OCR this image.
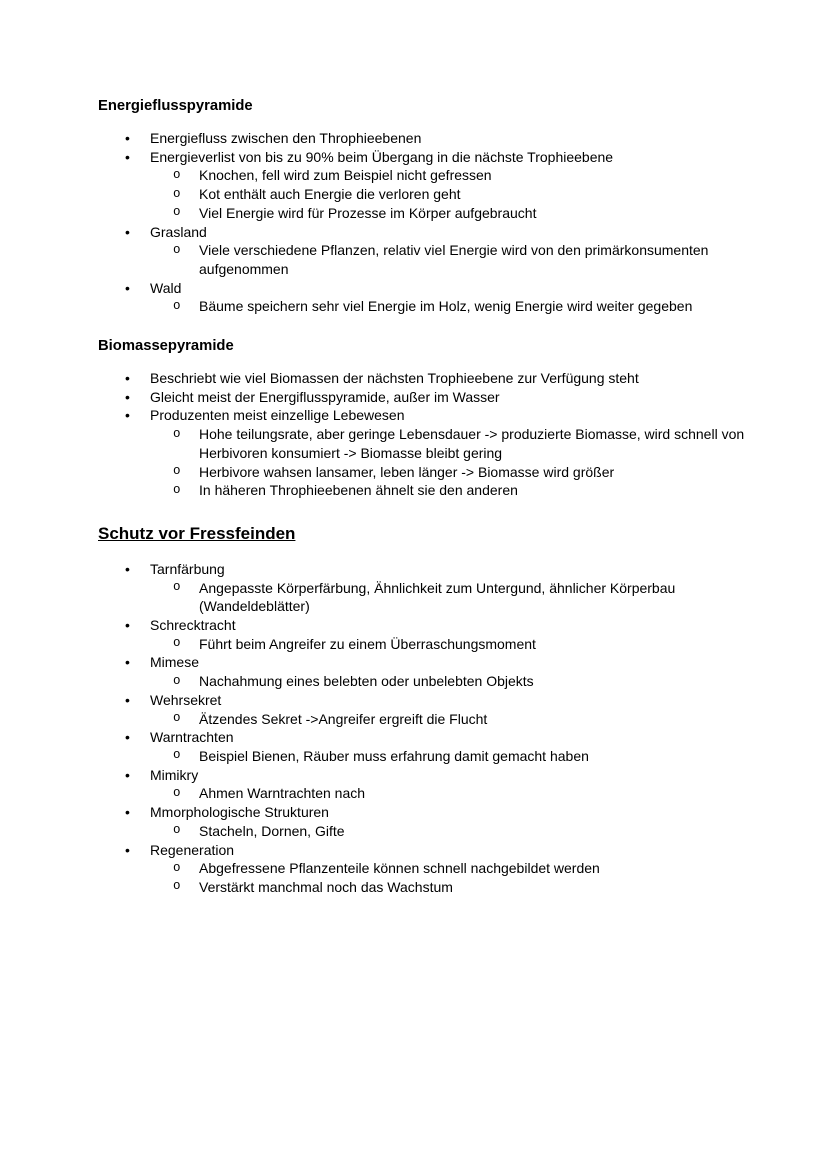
Energieflusspyramide
• Energiefluss zwischen den Throphieebenen
• Energieverlist von bis zu 90% beim Übergang in die nächste Trophieebene
o Knochen, fell wird zum Beispiel nicht gefressen
o Kot enthält auch Energie die verloren geht
o Viel Energie wird für Prozesse im Körper aufgebraucht
• Grasland
o Viele verschiedene Pflanzen, relativ viel Energie wird von den primärkonsumenten aufgenommen
• Wald
o Bäume speichern sehr viel Energie im Holz, wenig Energie wird weiter gegeben
Biomassepyramide
• Beschriebt wie viel Biomassen der nächsten Trophieebene zur Verfügung steht
• Gleicht meist der Energiflusspyramide, außer im Wasser
• Produzenten meist einzellige Lebewesen
o Hohe teilungsrate, aber geringe Lebensdauer -> produzierte Biomasse, wird schnell von Herbivoren konsumiert -> Biomasse bleibt gering
o Herbivore wahsen lansamer, leben länger -> Biomasse wird größer
o In häheren Throphieebenen ähnelt sie den anderen
Schutz vor Fressfeinden
• Tarnfärbung
o Angepasste Körperfärbung, Ähnlichkeit zum Untergund, ähnlicher Körperbau (Wandeldeblätter)
• Schrecktracht
o Führt beim Angreifer zu einem Überraschungsmoment
• Mimese
o Nachahmung eines belebten oder unbelebten Objekts
• Wehrsekret
o Ätzendes Sekret ->Angreifer ergreift die Flucht
• Warntrachten
o Beispiel Bienen, Räuber muss erfahrung damit gemacht haben
• Mimikry
o Ahmen Warntrachten nach
• Mmorphologische Strukturen
o Stacheln, Dornen, Gifte
• Regeneration
o Abgefressene Pflanzenteile können schnell nachgebildet werden
o Verstärkt manchmal noch das Wachstum
